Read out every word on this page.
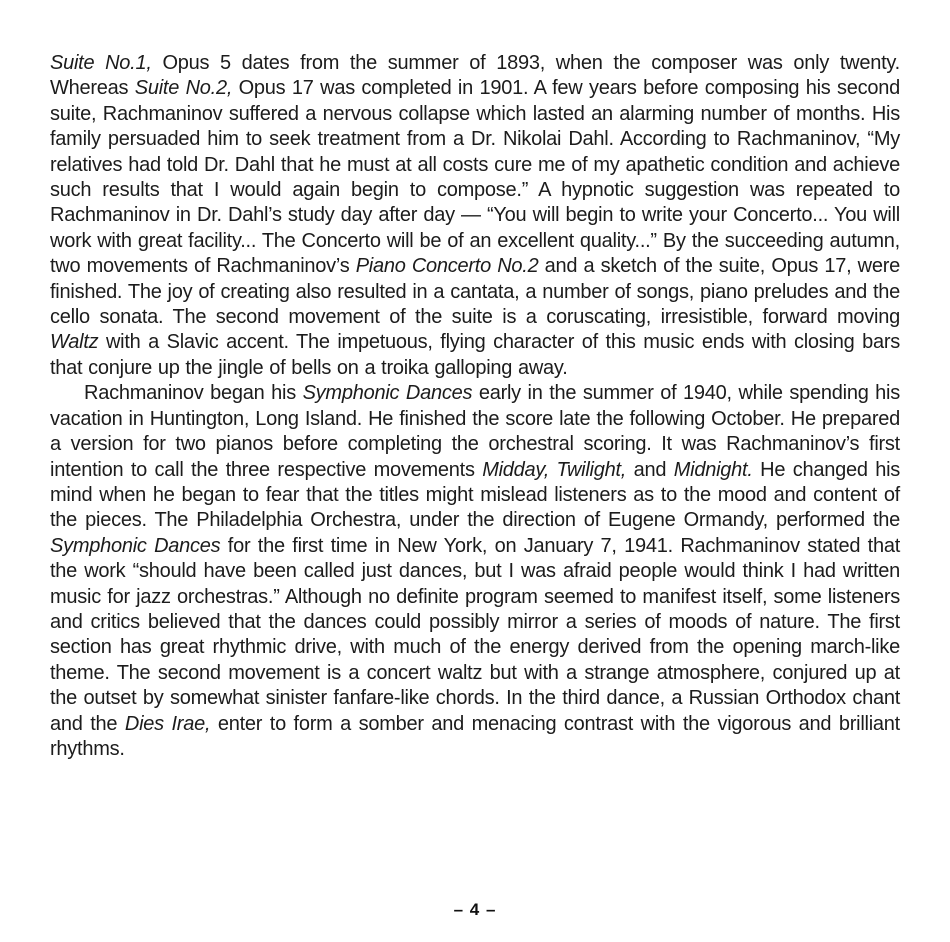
Suite No.1, Opus 5 dates from the summer of 1893, when the composer was only twenty. Whereas Suite No.2, Opus 17 was completed in 1901. A few years before composing his second suite, Rachmaninov suffered a nervous collapse which lasted an alarming number of months. His family persuaded him to seek treatment from a Dr. Nikolai Dahl. According to Rachmaninov, “My relatives had told Dr. Dahl that he must at all costs cure me of my apathetic condition and achieve such results that I would again begin to compose.” A hypnotic suggestion was repeated to Rachmaninov in Dr. Dahl’s study day after day — “You will begin to write your Concerto... You will work with great facility... The Concerto will be of an excellent quality...” By the succeeding autumn, two movements of Rachmaninov’s Piano Concerto No.2 and a sketch of the suite, Opus 17, were finished. The joy of creating also resulted in a cantata, a number of songs, piano preludes and the cello sonata. The second movement of the suite is a coruscating, irresistible, forward moving Waltz with a Slavic accent. The impetuous, flying character of this music ends with closing bars that conjure up the jingle of bells on a troika galloping away.

Rachmaninov began his Symphonic Dances early in the summer of 1940, while spending his vacation in Huntington, Long Island. He finished the score late the following October. He prepared a version for two pianos before completing the orchestral scoring. It was Rachmaninov’s first intention to call the three respective movements Midday, Twilight, and Midnight. He changed his mind when he began to fear that the titles might mislead listeners as to the mood and content of the pieces. The Philadelphia Orchestra, under the direction of Eugene Ormandy, performed the Symphonic Dances for the first time in New York, on January 7, 1941. Rachmaninov stated that the work “should have been called just dances, but I was afraid people would think I had written music for jazz orchestras.” Although no definite program seemed to manifest itself, some listeners and critics believed that the dances could possibly mirror a series of moods of nature. The first section has great rhythmic drive, with much of the energy derived from the opening march-like theme. The second movement is a concert waltz but with a strange atmosphere, conjured up at the outset by somewhat sinister fanfare-like chords. In the third dance, a Russian Orthodox chant and the Dies Irae, enter to form a somber and menacing contrast with the vigorous and brilliant rhythms.

– 4 –
